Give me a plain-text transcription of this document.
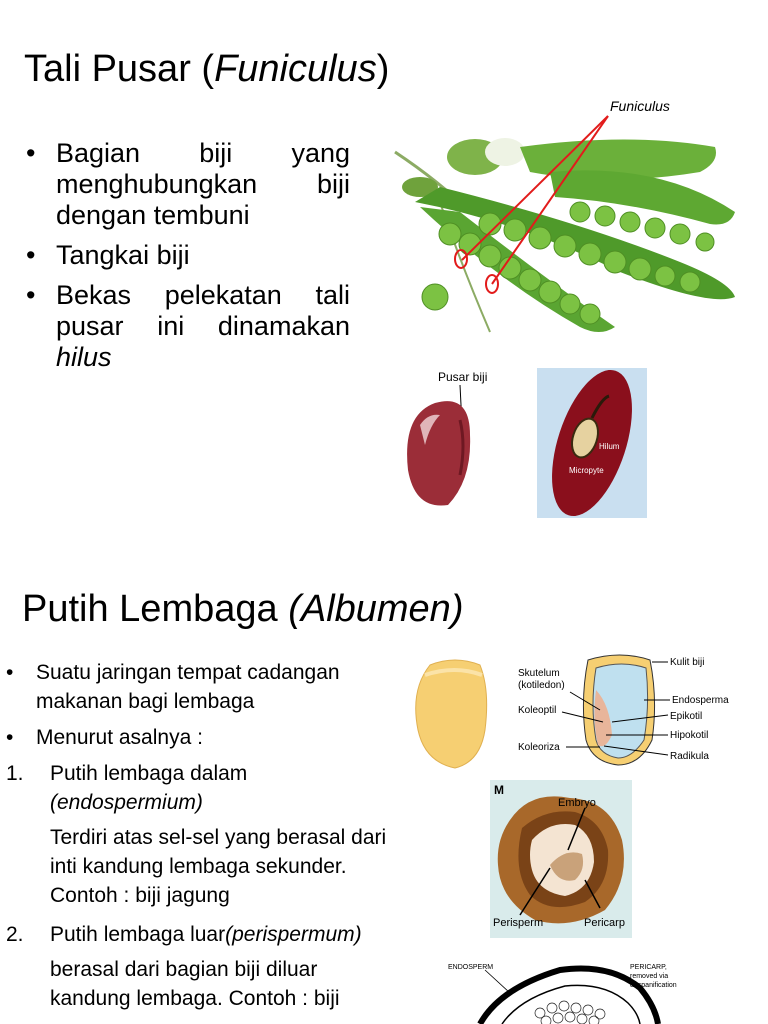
Tali Pusar (Funiculus)
• Bagian biji yang menghubungkan biji dengan tembuni
• Tangkai biji
• Bekas pelekatan tali pusar ini dinamakan hilus
Funiculus
Pusar biji
Hilum
Micropyte
Putih Lembaga (Albumen)
• Suatu jaringan tempat cadangan makanan bagi lembaga
• Menurut asalnya :
1. Putih lembaga dalam
(endospermium)
Terdiri atas sel-sel yang berasal dari inti kandung lembaga sekunder. Contoh : biji jagung
2. Putih lembaga luar(perispermum)
berasal dari bagian biji diluar kandung lembaga. Contoh : biji
Skutelum
(kotiledon)
Koleoptil
Koleoriza
Kulit biji
Endosperma
Epikotil
Hipokotil
Radikula
M
Embryo
Perisperm	Pericarp
ENDOSPERM	PERICARP,
removed via
despanification
